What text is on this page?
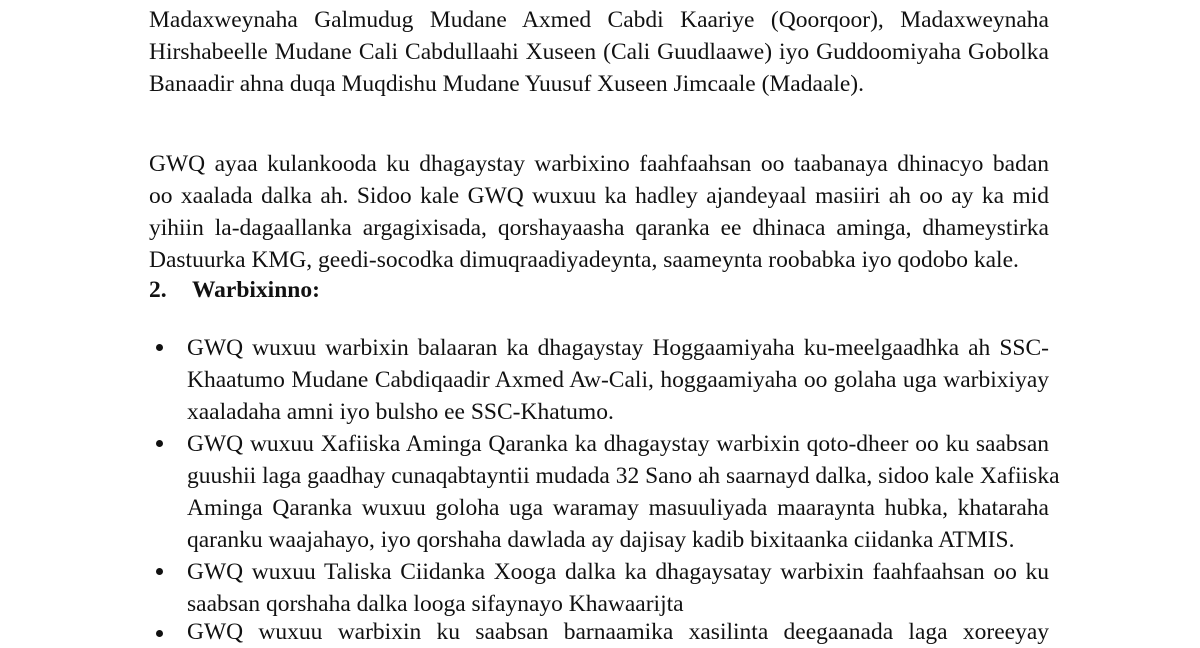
Madaxweynaha Galmudug Mudane Axmed Cabdi Kaariye (Qoorqoor), Madaxweynaha
Hirshabeelle Mudane Cali Cabdullaahi Xuseen (Cali Guudlaawe) iyo Guddoomiyaha Gobolka
Banaadir ahna duqa Muqdishu Mudane Yuusuf Xuseen Jimcaale (Madaale).
GWQ ayaa kulankooda ku dhagaystay warbixino faahfaahsan oo taabanaya dhinacyo badan
oo xaalada dalka ah. Sidoo kale GWQ wuxuu ka hadley ajandeyaal masiiri ah oo ay ka mid
yihiin la-dagaallanka argagixisada, qorshayaasha qaranka ee dhinaca aminga, dhameystirka
Dastuurka KMG, geedi-socodka dimuqraadiyadeynta, saameynta roobabka iyo qodobo kale.
2. Warbixinno:
GWQ wuxuu warbixin balaaran ka dhagaystay Hoggaamiyaha ku-meelgaadhka ah SSC-
Khaatumo Mudane Cabdiqaadir Axmed Aw-Cali, hoggaamiyaha oo golaha uga warbixiyay
xaaladaha amni iyo bulsho ee SSC-Khatumo.
GWQ wuxuu Xafiiska Aminga Qaranka ka dhagaystay warbixin qoto-dheer oo ku saabsan
guushii laga gaadhay cunaqabtayntii mudada 32 Sano ah saarnayd dalka, sidoo kale Xafiiska
Aminga Qaranka wuxuu goloha uga waramay masuuliyada maaraynta hubka, khataraha
qaranku waajahayo, iyo qorshaha dawlada ay dajisay kadib bixitaanka ciidanka ATMIS.
GWQ wuxuu Taliska Ciidanka Xooga dalka ka dhagaysatay warbixin faahfaahsan oo ku
saabsan qorshaha dalka looga sifaynayo Khawaarijta
GWQ wuxuu warbixin ku saabsan barnaamika xasilinta deegaanada laga xoreeyay
